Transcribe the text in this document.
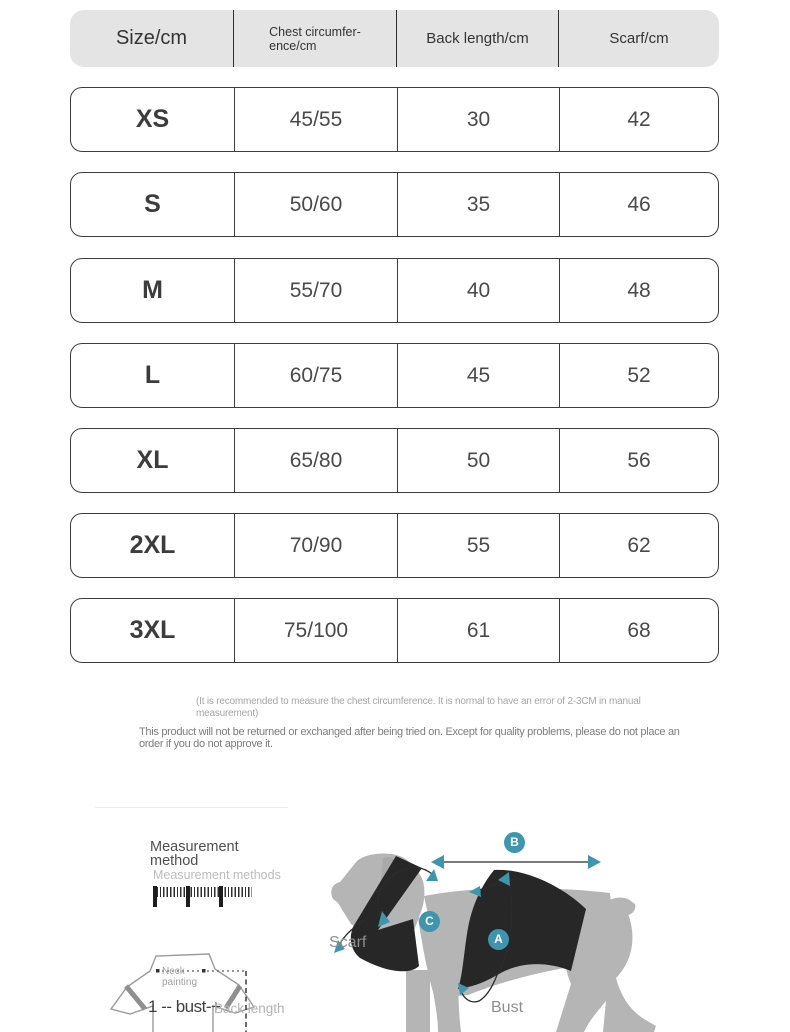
Size/cm	Chest circumfer-
ence/cm	Back length/cm	Scarf/cm
XS	45/55	30	42
S	50/60	35	46
M	55/70	40	48
L	60/75	45	52
XL	65/80	50	56
2XL	70/90	55	62
3XL	75/100	61	68
(It is recommended to measure the chest circumference. It is normal to have an error of 2-3CM in manual measurement)
This product will not be returned or exchanged after being tried on. Except for quality problems, please do not place an order if you do not approve it.
Measurement
method
Measurement methods
Neck
painting
1 -- bust-+
Back length
B
C
A
Scarf
Bust
